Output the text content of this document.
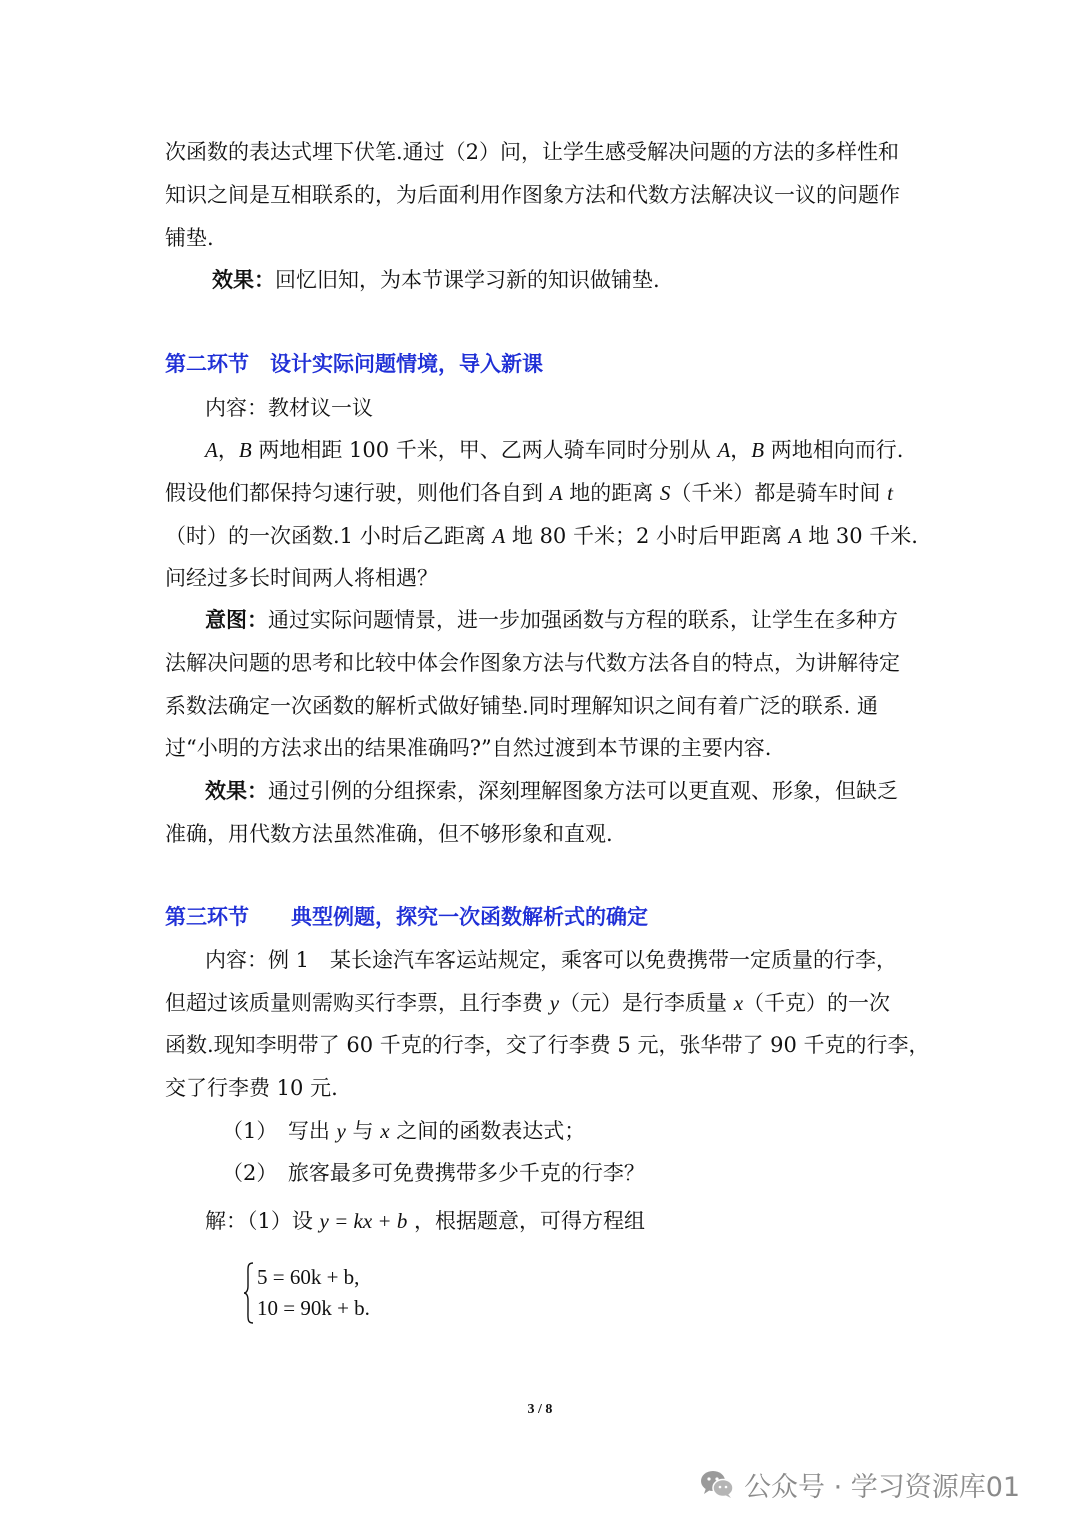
次函数的表达式埋下伏笔.通过（2）问，让学生感受解决问题的方法的多样性和
知识之间是互相联系的，为后面利用作图象方法和代数方法解决议一议的问题作
铺垫.
效果：回忆旧知，为本节课学习新的知识做铺垫.
第二环节　设计实际问题情境，导入新课
内容：教材议一议
A，B 两地相距 100 千米，甲、乙两人骑车同时分别从 A，B 两地相向而行.
假设他们都保持匀速行驶，则他们各自到 A 地的距离 S（千米）都是骑车时间 t
（时）的一次函数.1 小时后乙距离 A 地 80 千米；2 小时后甲距离 A 地 30 千米.
问经过多长时间两人将相遇？
意图：通过实际问题情景，进一步加强函数与方程的联系，让学生在多种方
法解决问题的思考和比较中体会作图象方法与代数方法各自的特点，为讲解待定
系数法确定一次函数的解析式做好铺垫.同时理解知识之间有着广泛的联系. 通
过“小明的方法求出的结果准确吗?”自然过渡到本节课的主要内容.
效果：通过引例的分组探索，深刻理解图象方法可以更直观、形象，但缺乏
准确，用代数方法虽然准确，但不够形象和直观.
第三环节　　典型例题，探究一次函数解析式的确定
内容：例 1　某长途汽车客运站规定，乘客可以免费携带一定质量的行李，
但超过该质量则需购买行李票，且行李费 y（元）是行李质量 x（千克）的一次
函数.现知李明带了 60 千克的行李，交了行李费 5 元，张华带了 90 千克的行李，
交了行李费 10 元.
（1）　写出 y 与 x 之间的函数表达式；
（2）　旅客最多可免费携带多少千克的行李？
解：（1）设 y = kx + b ，根据题意，可得方程组
5 = 60k + b,
10 = 90k + b.
3 / 8
公众号 · 学习资源库01
